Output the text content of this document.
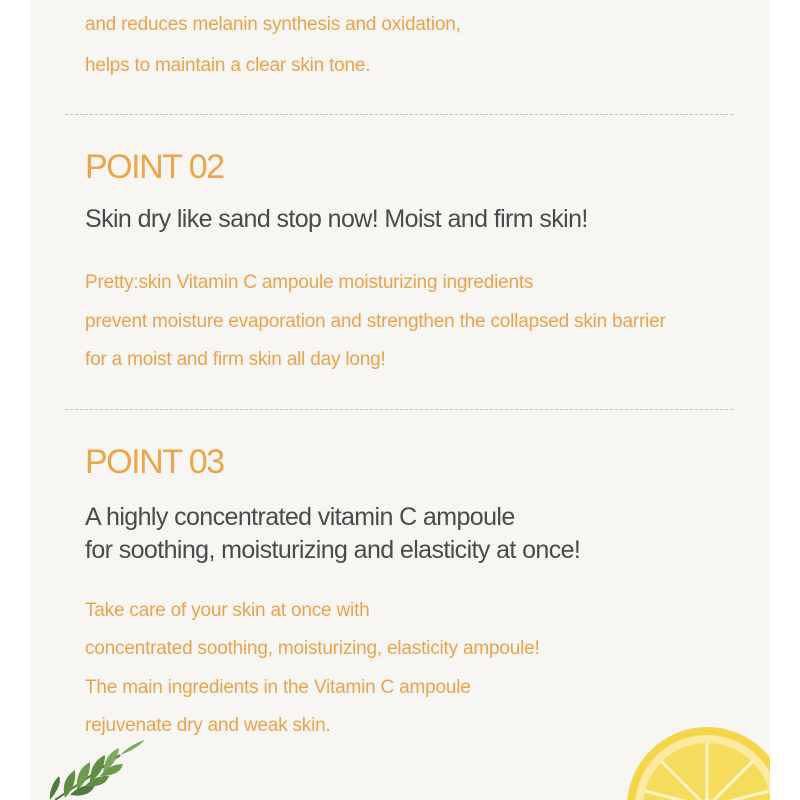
and reduces melanin synthesis and oxidation,

helps to maintain a clear skin tone.

POINT 02

Skin dry like sand stop now! Moist and firm skin!

Pretty:skin Vitamin C ampoule moisturizing ingredients

prevent moisture evaporation and strengthen the collapsed skin barrier

for a moist and firm skin all day long!

POINT 03

A highly concentrated vitamin C ampoule

for soothing, moisturizing and elasticity at once!

Take care of your skin at once with

concentrated soothing, moisturizing, elasticity ampoule!

The main ingredients in the Vitamin C ampoule

rejuvenate dry and weak skin.
